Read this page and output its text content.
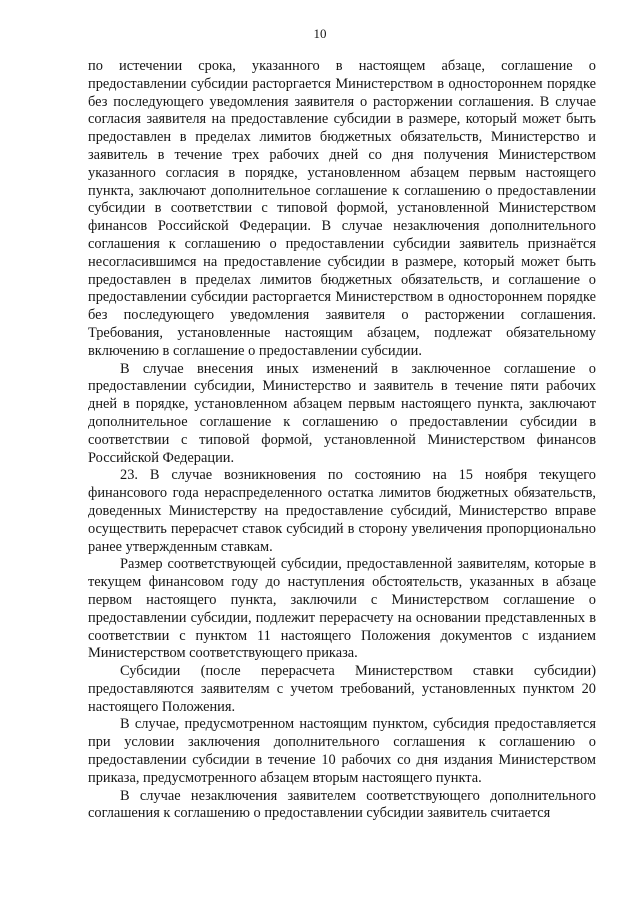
10

по истечении срока, указанного в настоящем абзаце, соглашение о предоставлении субсидии расторгается Министерством в одностороннем порядке без последующего уведомления заявителя о расторжении соглашения. В случае согласия заявителя на предоставление субсидии в размере, который может быть предоставлен в пределах лимитов бюджетных обязательств, Министерство и заявитель в течение трех рабочих дней со дня получения Министерством указанного согласия в порядке, установленном абзацем первым настоящего пункта, заключают дополнительное соглашение к соглашению о предоставлении субсидии в соответствии с типовой формой, установленной Министерством финансов Российской Федерации. В случае незаключения дополнительного соглашения к соглашению о предоставлении субсидии заявитель признаётся несогласившимся на предоставление субсидии в размере, который может быть предоставлен в пределах лимитов бюджетных обязательств, и соглашение о предоставлении субсидии расторгается Министерством в одностороннем порядке без последующего уведомления заявителя о расторжении соглашения. Требования, установленные настоящим абзацем, подлежат обязательному включению в соглашение о предоставлении субсидии.

В случае внесения иных изменений в заключенное соглашение о предоставлении субсидии, Министерство и заявитель в течение пяти рабочих дней в порядке, установленном абзацем первым настоящего пункта, заключают дополнительное соглашение к соглашению о предоставлении субсидии в соответствии с типовой формой, установленной Министерством финансов Российской Федерации.

23. В случае возникновения по состоянию на 15 ноября текущего финансового года нераспределенного остатка лимитов бюджетных обязательств, доведенных Министерству на предоставление субсидий, Министерство вправе осуществить перерасчет ставок субсидий в сторону увеличения пропорционально ранее утвержденным ставкам.

Размер соответствующей субсидии, предоставленной заявителям, которые в текущем финансовом году до наступления обстоятельств, указанных в абзаце первом настоящего пункта, заключили с Министерством соглашение о предоставлении субсидии, подлежит перерасчету на основании представленных в соответствии с пунктом 11 настоящего Положения документов с изданием Министерством соответствующего приказа.

Субсидии (после перерасчета Министерством ставки субсидии) предоставляются заявителям с учетом требований, установленных пунктом 20 настоящего Положения.

В случае, предусмотренном настоящим пунктом, субсидия предоставляется при условии заключения дополнительного соглашения к соглашению о предоставлении субсидии в течение 10 рабочих со дня издания Министерством приказа, предусмотренного абзацем вторым настоящего пункта.

В случае незаключения заявителем соответствующего дополнительного соглашения к соглашению о предоставлении субсидии заявитель считается
